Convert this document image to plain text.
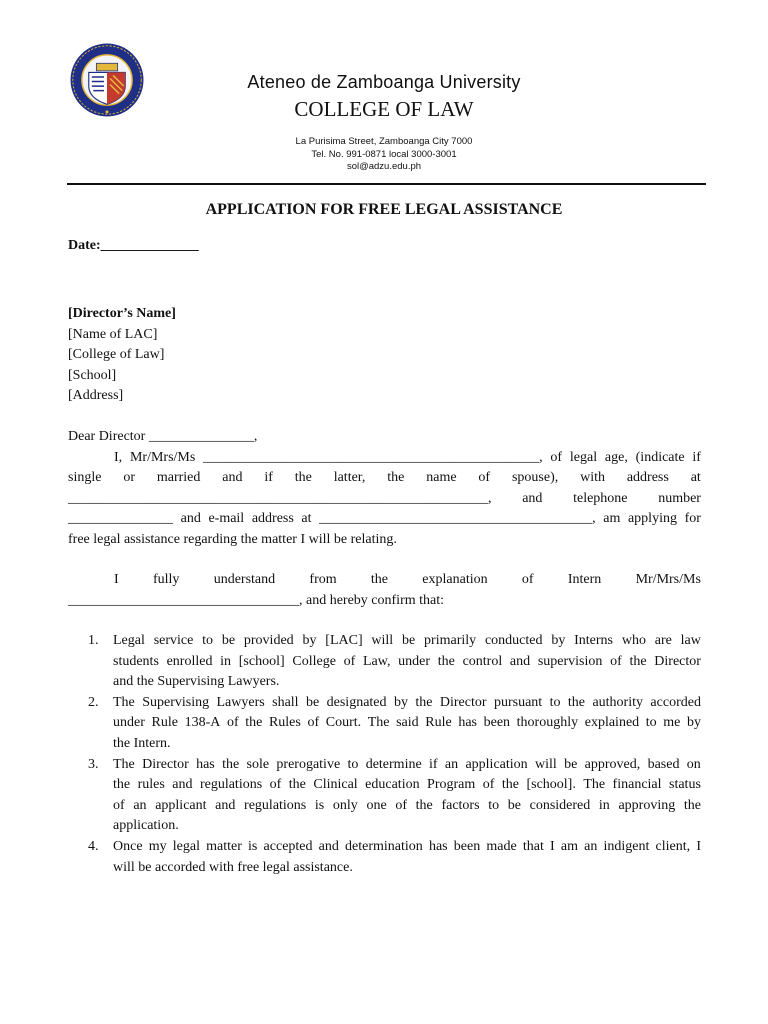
Ateneo de Zamboanga University
COLLEGE OF LAW
La Purisima Street, Zamboanga City 7000
Tel. No. 991-0871 local 3000-3001
sol@adzu.edu.ph
APPLICATION FOR FREE LEGAL ASSISTANCE
Date:______________
[Director’s Name]
[Name of LAC]
[College of Law]
[School]
[Address]
Dear Director _______________,
I, Mr/Mrs/Ms ________________________________________________, of legal age, (indicate if
single or married and if the latter, the name of spouse), with address at
____________________________________________________________, and telephone number
_______________ and e-mail address at _______________________________________, am applying for
free legal assistance regarding the matter I will be relating.
I fully understand from the explanation of Intern Mr/Mrs/Ms
_________________________________, and hereby confirm that:
1.	Legal service to be provided by [LAC] will be primarily conducted by Interns who are law
students enrolled in [school] College of Law, under the control and supervision of the Director
and the Supervising Lawyers.
2.	The Supervising Lawyers shall be designated by the Director pursuant to the authority accorded
under Rule 138-A of the Rules of Court. The said Rule has been thoroughly explained to me by
the Intern.
3.	The Director has the sole prerogative to determine if an application will be approved, based on
the rules and regulations of the Clinical education Program of the [school]. The financial status
of an applicant and regulations is only one of the factors to be considered in approving the
application.
4.	Once my legal matter is accepted and determination has been made that I am an indigent client, I
will be accorded with free legal assistance.
